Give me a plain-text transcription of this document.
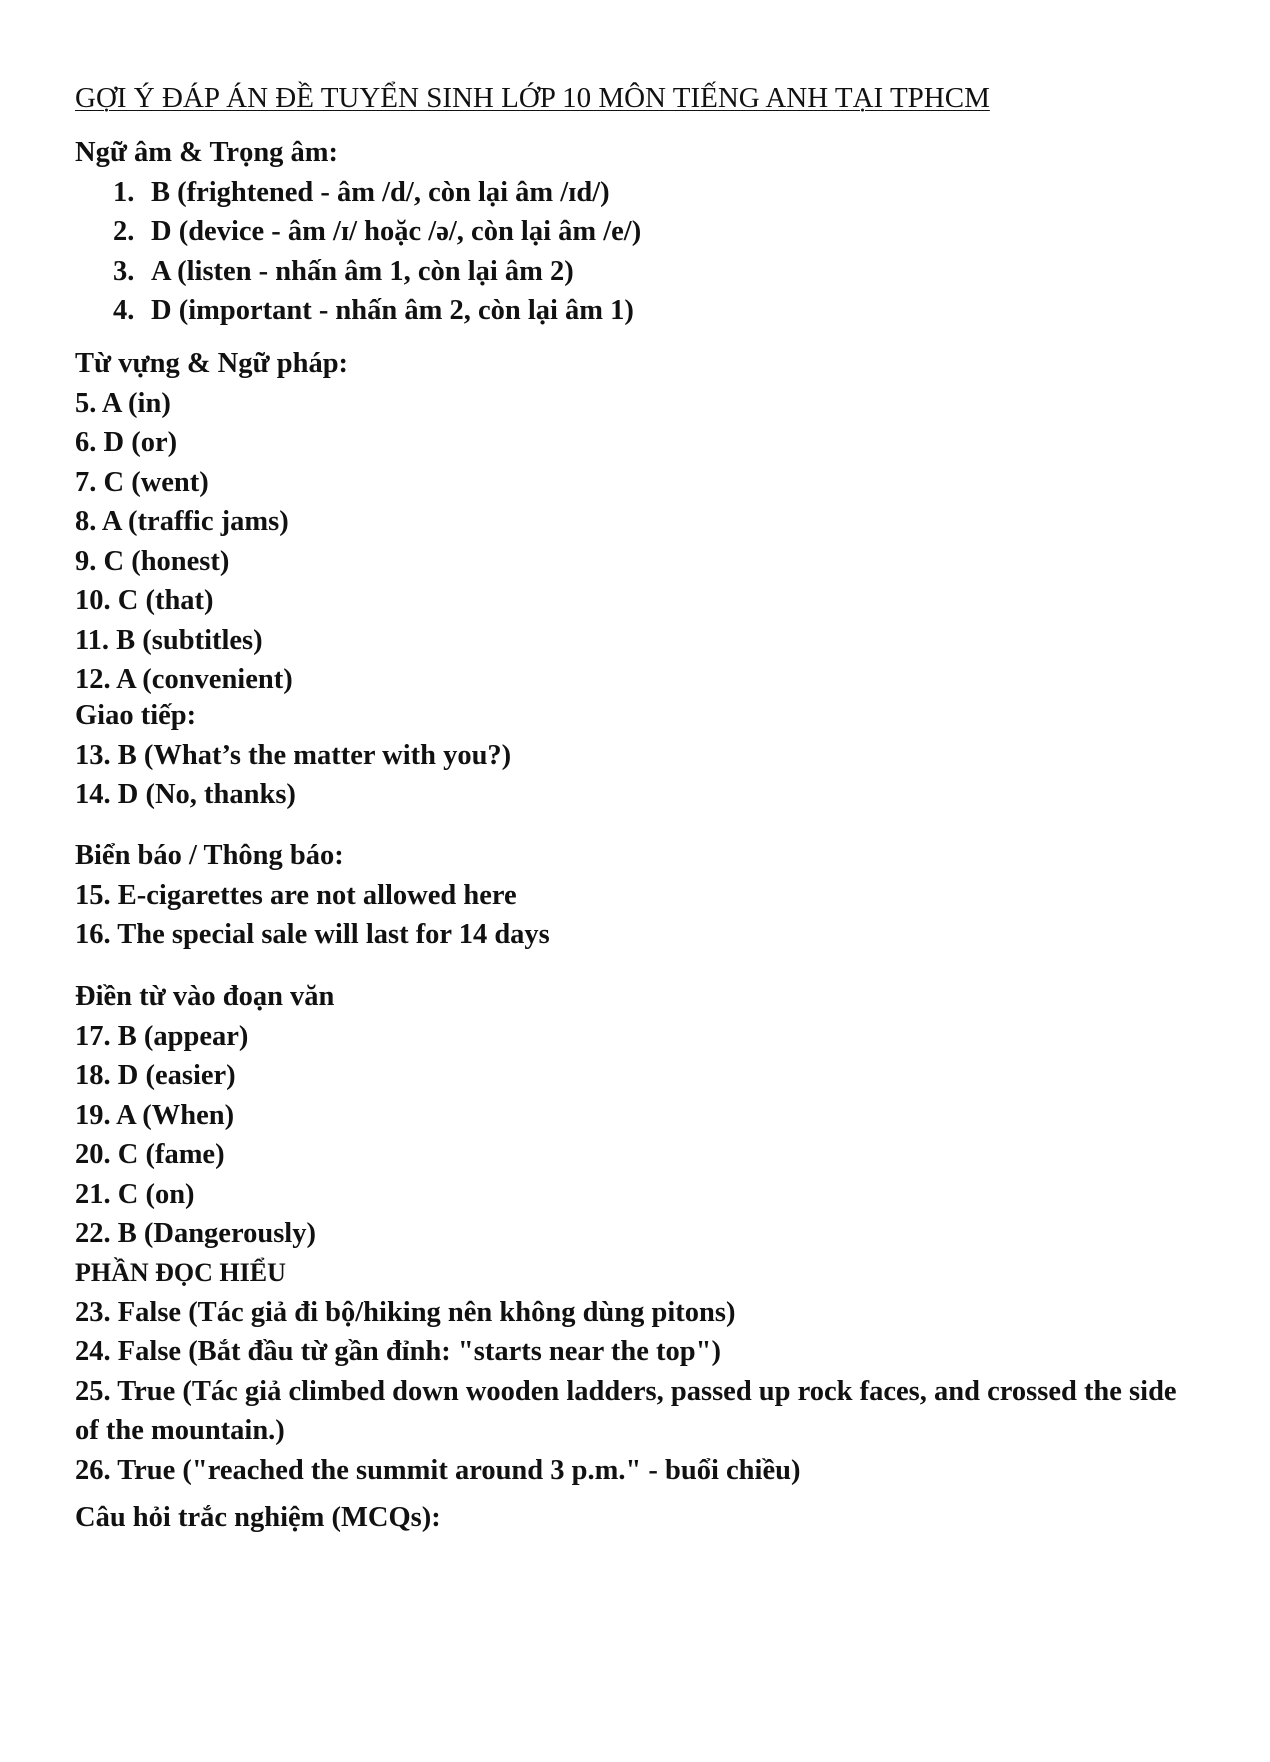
GỢI Ý ĐÁP ÁN ĐỀ TUYỂN SINH LỚP 10 MÔN TIẾNG ANH TẠI TPHCM

Ngữ âm & Trọng âm:

1. B (frightened - âm /d/, còn lại âm /ɪd/)
2. D (device - âm /ɪ/ hoặc /ə/, còn lại âm /e/)
3. A (listen - nhấn âm 1, còn lại âm 2)
4. D (important - nhấn âm 2, còn lại âm 1)

Từ vựng & Ngữ pháp:

5. A (in)

6. D (or)

7. C (went)

8. A (traffic jams)

9. C (honest)

10. C (that)

11. B (subtitles)

12. A (convenient)

Giao tiếp:

13. B (What’s the matter with you?)

14. D (No, thanks)

Biển báo / Thông báo:

15. E-cigarettes are not allowed here

16. The special sale will last for 14 days

Điền từ vào đoạn văn

17. B (appear)

18. D (easier)

19. A (When)

20. C (fame)

21. C (on)

22. B (Dangerously)

PHẦN ĐỌC HIỂU

23. False (Tác giả đi bộ/hiking nên không dùng pitons)

24. False (Bắt đầu từ gần đỉnh: "starts near the top")

25. True (Tác giả climbed down wooden ladders, passed up rock faces, and crossed the side of the mountain.)

26. True ("reached the summit around 3 p.m." - buổi chiều)

Câu hỏi trắc nghiệm (MCQs):
